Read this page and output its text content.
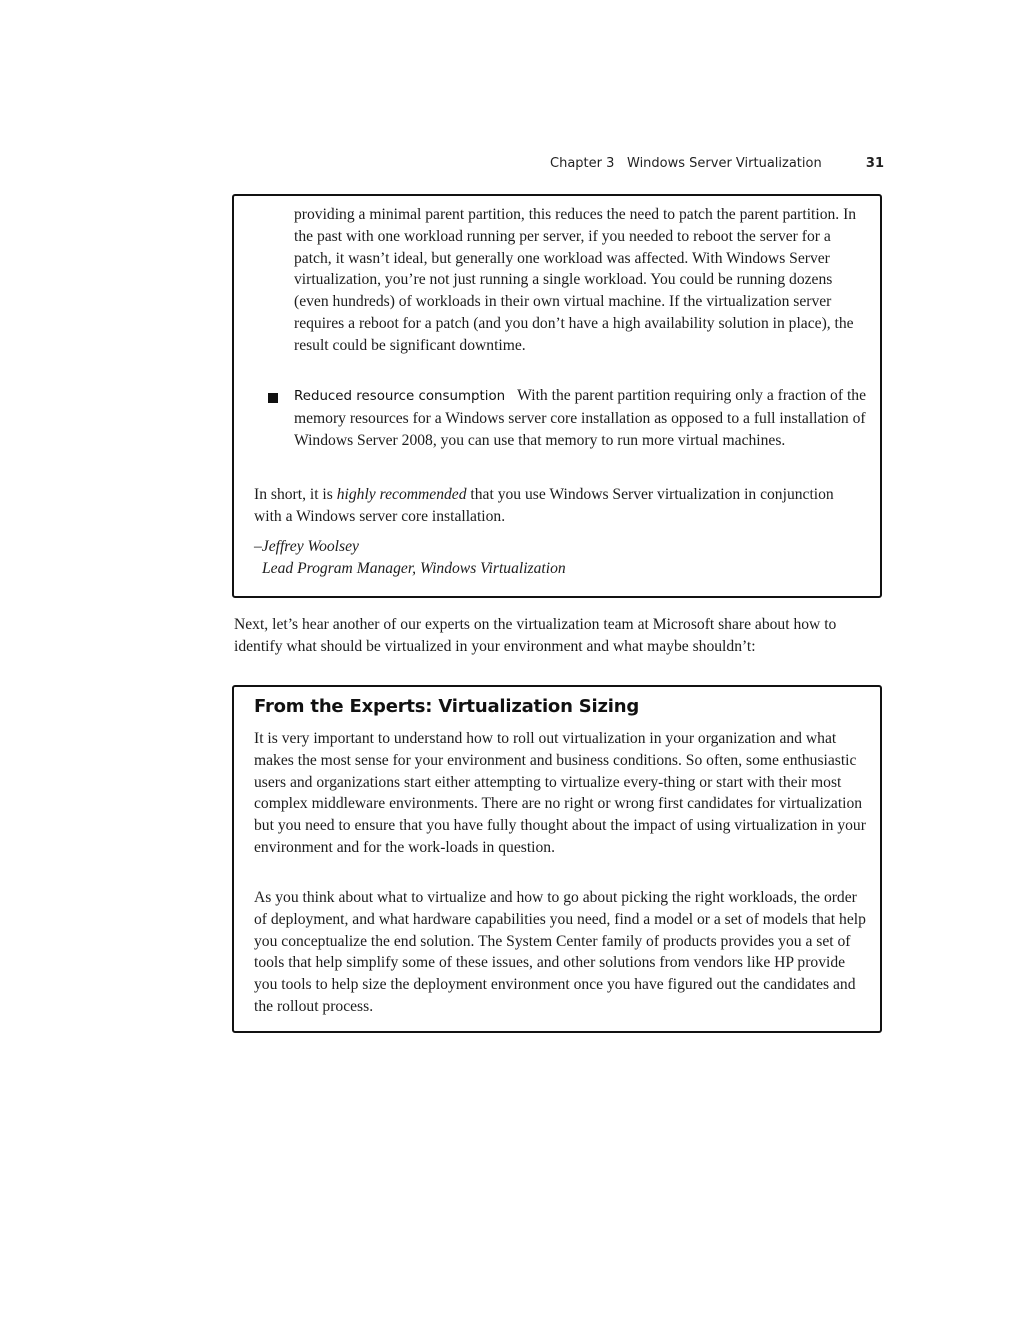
Chapter 3 Windows Server Virtualization	31

providing a minimal parent partition, this reduces the need to patch the parent partition. In the past with one workload running per server, if you needed to reboot the server for a patch, it wasn’t ideal, but generally one workload was affected. With Windows Server virtualization, you’re not just running a single workload. You could be running dozens (even hundreds) of workloads in their own virtual machine. If the virtualization server requires a reboot for a patch (and you don’t have a high availability solution in place), the result could be significant downtime.

Reduced resource consumption With the parent partition requiring only a fraction of the memory resources for a Windows server core installation as opposed to a full installation of Windows Server 2008, you can use that memory to run more virtual machines.

In short, it is highly recommended that you use Windows Server virtualization in conjunction with a Windows server core installation.

–Jeffrey Woolsey
Lead Program Manager, Windows Virtualization

Next, let’s hear another of our experts on the virtualization team at Microsoft share about how to identify what should be virtualized in your environment and what maybe shouldn’t:

From the Experts: Virtualization Sizing

It is very important to understand how to roll out virtualization in your organization and what makes the most sense for your environment and business conditions. So often, some enthusiastic users and organizations start either attempting to virtualize every-thing or start with their most complex middleware environments. There are no right or wrong first candidates for virtualization but you need to ensure that you have fully thought about the impact of using virtualization in your environment and for the work-loads in question.

As you think about what to virtualize and how to go about picking the right workloads, the order of deployment, and what hardware capabilities you need, find a model or a set of models that help you conceptualize the end solution. The System Center family of products provides you a set of tools that help simplify some of these issues, and other solutions from vendors like HP provide you tools to help size the deployment environment once you have figured out the candidates and the rollout process.
